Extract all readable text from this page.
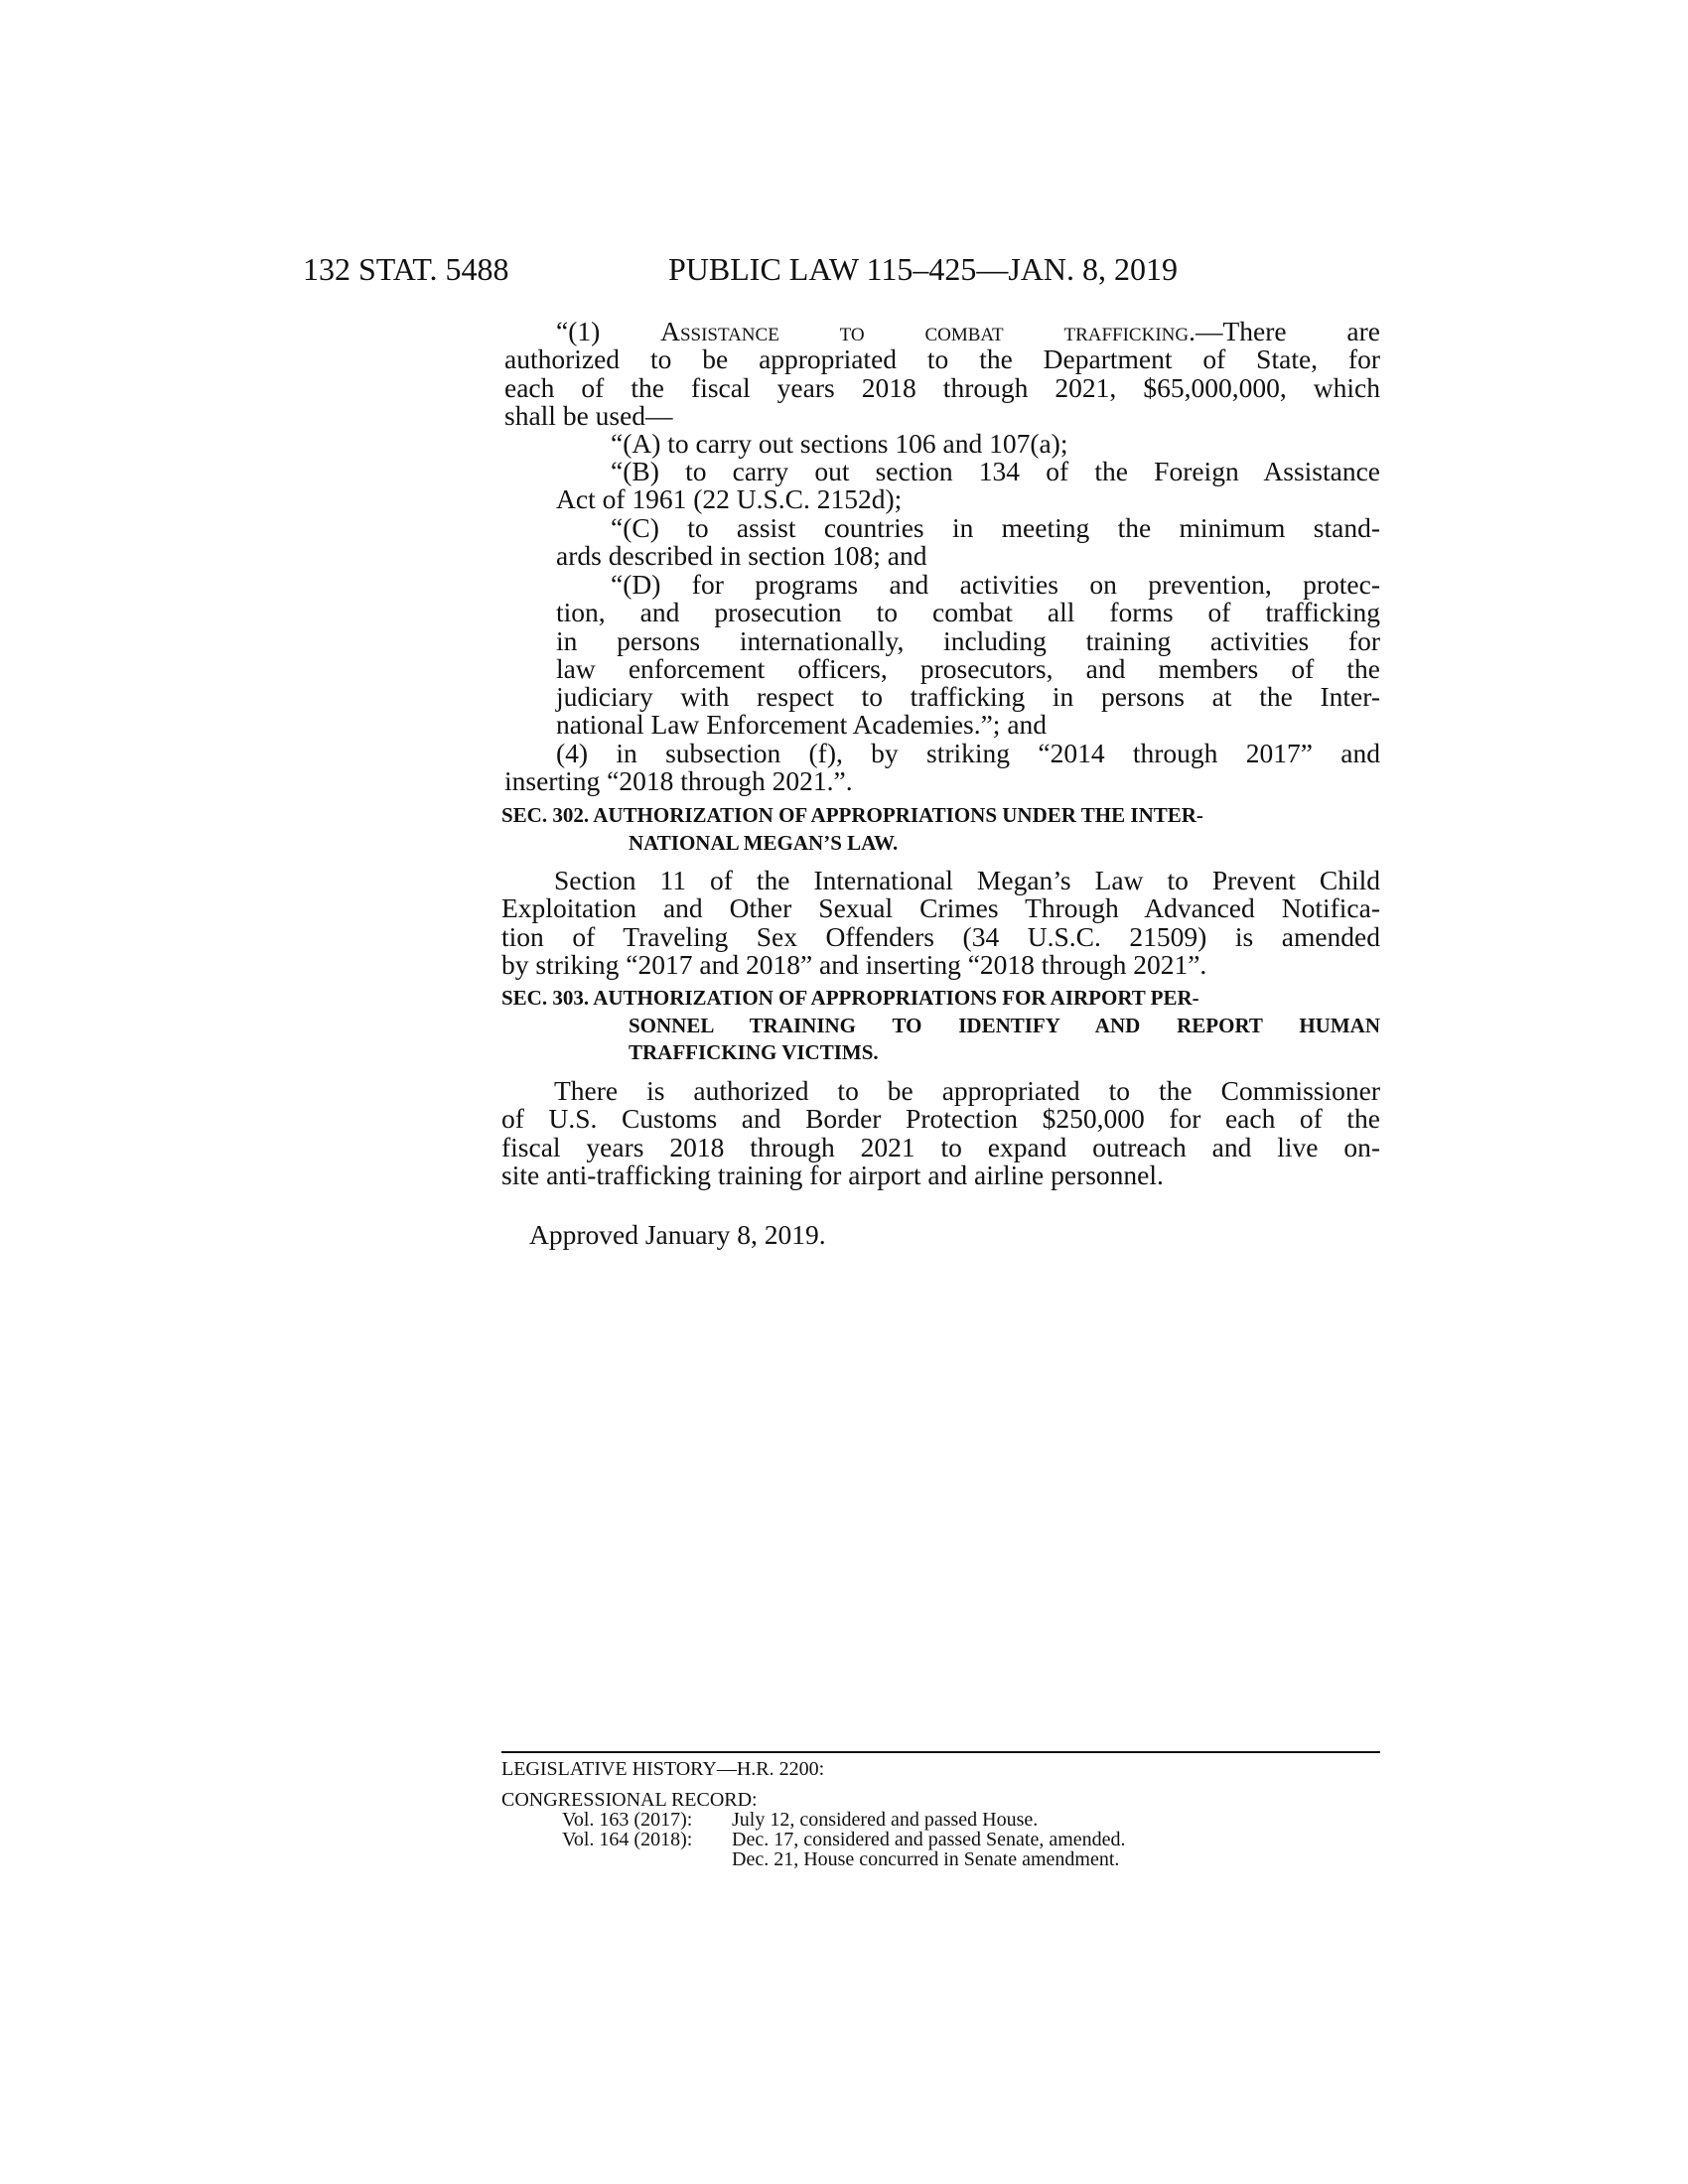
132 STAT. 5488	PUBLIC LAW 115–425—JAN. 8, 2019

“(1) Assistance to combat trafficking.—There are

authorized to be appropriated to the Department of State, for

each of the fiscal years 2018 through 2021, $65,000,000, which

shall be used—

“(A) to carry out sections 106 and 107(a);

“(B) to carry out section 134 of the Foreign Assistance

Act of 1961 (22 U.S.C. 2152d);

“(C) to assist countries in meeting the minimum stand-

ards described in section 108; and

“(D) for programs and activities on prevention, protec-

tion, and prosecution to combat all forms of trafficking

in persons internationally, including training activities for

law enforcement officers, prosecutors, and members of the

judiciary with respect to trafficking in persons at the Inter-

national Law Enforcement Academies.”; and

(4) in subsection (f), by striking “2014 through 2017” and

inserting “2018 through 2021.”.

SEC. 302. AUTHORIZATION OF APPROPRIATIONS UNDER THE INTER-
NATIONAL MEGAN’S LAW.

Section 11 of the International Megan’s Law to Prevent Child

Exploitation and Other Sexual Crimes Through Advanced Notifica-

tion of Traveling Sex Offenders (34 U.S.C. 21509) is amended

by striking “2017 and 2018” and inserting “2018 through 2021”.

SEC. 303. AUTHORIZATION OF APPROPRIATIONS FOR AIRPORT PER-
SONNEL TRAINING TO IDENTIFY AND REPORT HUMAN
TRAFFICKING VICTIMS.

There is authorized to be appropriated to the Commissioner

of U.S. Customs and Border Protection $250,000 for each of the

fiscal years 2018 through 2021 to expand outreach and live on-

site anti-trafficking training for airport and airline personnel.

Approved January 8, 2019.
LEGISLATIVE HISTORY—H.R. 2200:
CONGRESSIONAL RECORD:
Vol. 163 (2017): July 12, considered and passed House.
Vol. 164 (2018): Dec. 17, considered and passed Senate, amended.
Dec. 21, House concurred in Senate amendment.
